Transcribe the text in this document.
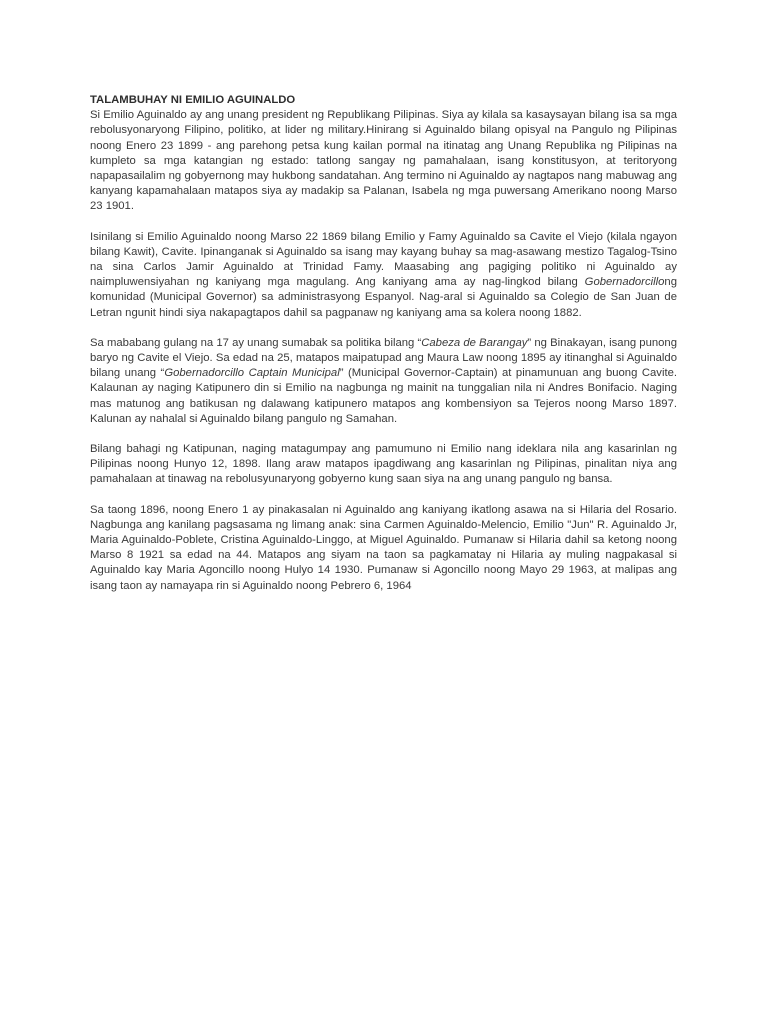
TALAMBUHAY NI EMILIO AGUINALDO

Si Emilio Aguinaldo ay ang unang president ng Republikang Pilipinas. Siya ay kilala sa kasaysayan bilang isa sa mga rebolusyonaryong Filipino, politiko, at lider ng military.Hinirang si Aguinaldo bilang opisyal na Pangulo ng Pilipinas noong Enero 23 1899 - ang parehong petsa kung kailan pormal na itinatag ang Unang Republika ng Pilipinas na kumpleto sa mga katangian ng estado: tatlong sangay ng pamahalaan, isang konstitusyon, at teritoryong napapasailalim ng gobyernong may hukbong sandatahan. Ang termino ni Aguinaldo ay nagtapos nang mabuwag ang kanyang kapamahalaan matapos siya ay madakip sa Palanan, Isabela ng mga puwersang Amerikano noong Marso 23 1901.

Isinilang si Emilio Aguinaldo noong Marso 22 1869 bilang Emilio y Famy Aguinaldo sa Cavite el Viejo (kilala ngayon bilang Kawit), Cavite. Ipinanganak si Aguinaldo sa isang may kayang buhay sa mag-asawang mestizo Tagalog-Tsino na sina Carlos Jamir Aguinaldo at Trinidad Famy. Maasabing ang pagiging politiko ni Aguinaldo ay naimpluwensiyahan ng kaniyang mga magulang. Ang kaniyang ama ay nag-lingkod bilang Gobernadorcillong komunidad (Municipal Governor) sa administrasyong Espanyol. Nag-aral si Aguinaldo sa Colegio de San Juan de Letran ngunit hindi siya nakapagtapos dahil sa pagpanaw ng kaniyang ama sa kolera noong 1882.

Sa mababang gulang na 17 ay unang sumabak sa politika bilang “Cabeza de Barangay” ng Binakayan, isang punong baryo ng Cavite el Viejo. Sa edad na 25, matapos maipatupad ang Maura Law noong 1895 ay itinanghal si Aguinaldo bilang unang “Gobernadorcillo Captain Municipal” (Municipal Governor-Captain) at pinamunuan ang buong Cavite. Kalaunan ay naging Katipunero din si Emilio na nagbunga ng mainit na tunggalian nila ni Andres Bonifacio. Naging mas matunog ang batikusan ng dalawang katipunero matapos ang kombensiyon sa Tejeros noong Marso 1897. Kalunan ay nahalal si Aguinaldo bilang pangulo ng Samahan.

Bilang bahagi ng Katipunan, naging matagumpay ang pamumuno ni Emilio nang ideklara nila ang kasarinlan ng Pilipinas noong Hunyo 12, 1898. Ilang araw matapos ipagdiwang ang kasarinlan ng Pilipinas, pinalitan niya ang pamahalaan at tinawag na rebolusyunaryong gobyerno kung saan siya na ang unang pangulo ng bansa.

Sa taong 1896, noong Enero 1 ay pinakasalan ni Aguinaldo ang kaniyang ikatlong asawa na si Hilaria del Rosario. Nagbunga ang kanilang pagsasama ng limang anak: sina Carmen Aguinaldo-Melencio, Emilio "Jun" R. Aguinaldo Jr, Maria Aguinaldo-Poblete, Cristina Aguinaldo-Linggo, at Miguel Aguinaldo. Pumanaw si Hilaria dahil sa ketong noong Marso 8 1921 sa edad na 44. Matapos ang siyam na taon sa pagkamatay ni Hilaria ay muling nagpakasal si Aguinaldo kay Maria Agoncillo noong Hulyo 14 1930. Pumanaw si Agoncillo noong Mayo 29 1963, at malipas ang isang taon ay namayapa rin si Aguinaldo noong Pebrero 6, 1964
